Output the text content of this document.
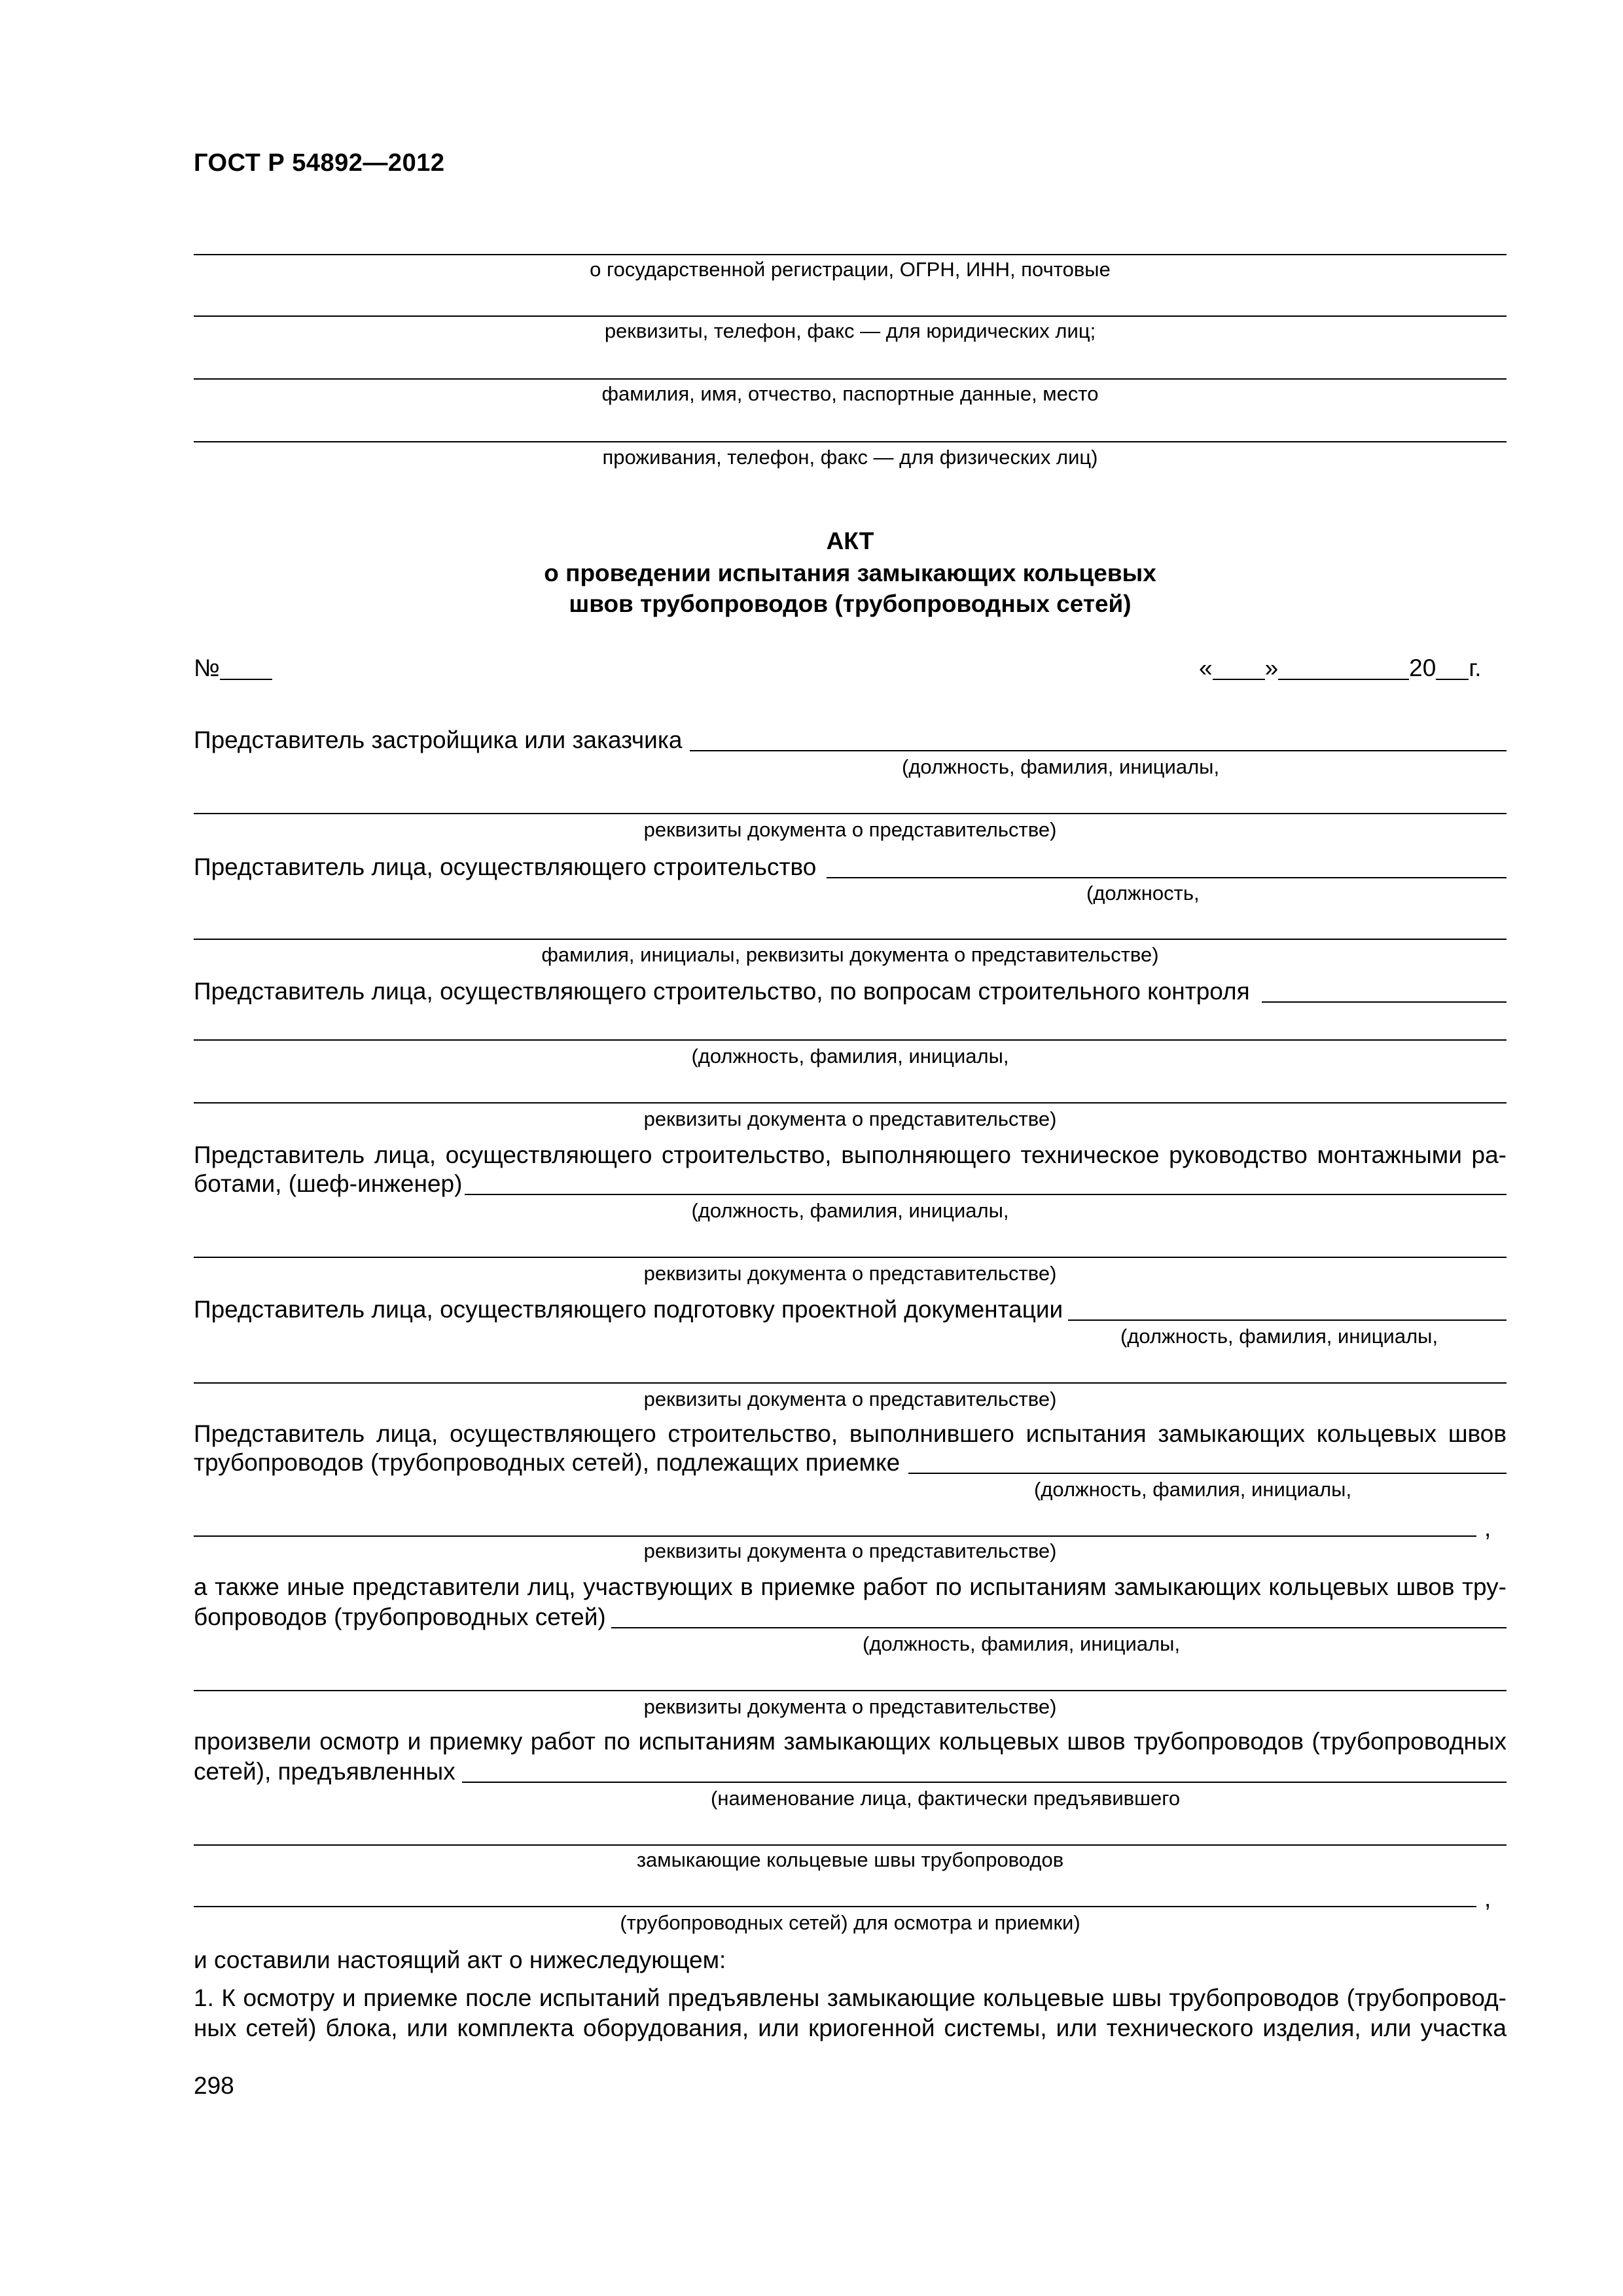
ГОСТ Р 54892—2012
о государственной регистрации, ОГРН, ИНН, почтовые
реквизиты, телефон, факс — для юридических лиц;
фамилия, имя, отчество, паспортные данные, место
проживания, телефон, факс — для физических лиц)
АКТ
о проведении испытания замыкающих кольцевых
швов трубопроводов (трубопроводных сетей)
№	« »	20 г.
Представитель застройщика или заказчика
(должность, фамилия, инициалы,
реквизиты документа о представительстве)
Представитель лица, осуществляющего строительство
(должность,
фамилия, инициалы, реквизиты документа о представительстве)
Представитель лица, осуществляющего строительство, по вопросам строительного контроля
(должность, фамилия, инициалы,
реквизиты документа о представительстве)
Представитель лица, осуществляющего строительство, выполняющего техническое руководство монтажными ра-
ботами, (шеф-инженер)
(должность, фамилия, инициалы,
реквизиты документа о представительстве)
Представитель лица, осуществляющего подготовку проектной документации
(должность, фамилия, инициалы,
реквизиты документа о представительстве)
Представитель лица, осуществляющего строительство, выполнившего испытания замыкающих кольцевых швов
трубопроводов (трубопроводных сетей), подлежащих приемке
(должность, фамилия, инициалы,
,
реквизиты документа о представительстве)
а также иные представители лиц, участвующих в приемке работ по испытаниям замыкающих кольцевых швов тру-
бопроводов (трубопроводных сетей)
(должность, фамилия, инициалы,
реквизиты документа о представительстве)
произвели осмотр и приемку работ по испытаниям замыкающих кольцевых швов трубопроводов (трубопроводных
сетей), предъявленных
(наименование лица, фактически предъявившего
замыкающие кольцевые швы трубопроводов
,
(трубопроводных сетей) для осмотра и приемки)
и составили настоящий акт о нижеследующем:
1. К осмотру и приемке после испытаний предъявлены замыкающие кольцевые швы трубопроводов (трубопровод-
ных сетей) блока, или комплекта оборудования, или криогенной системы, или технического изделия, или участка
298
